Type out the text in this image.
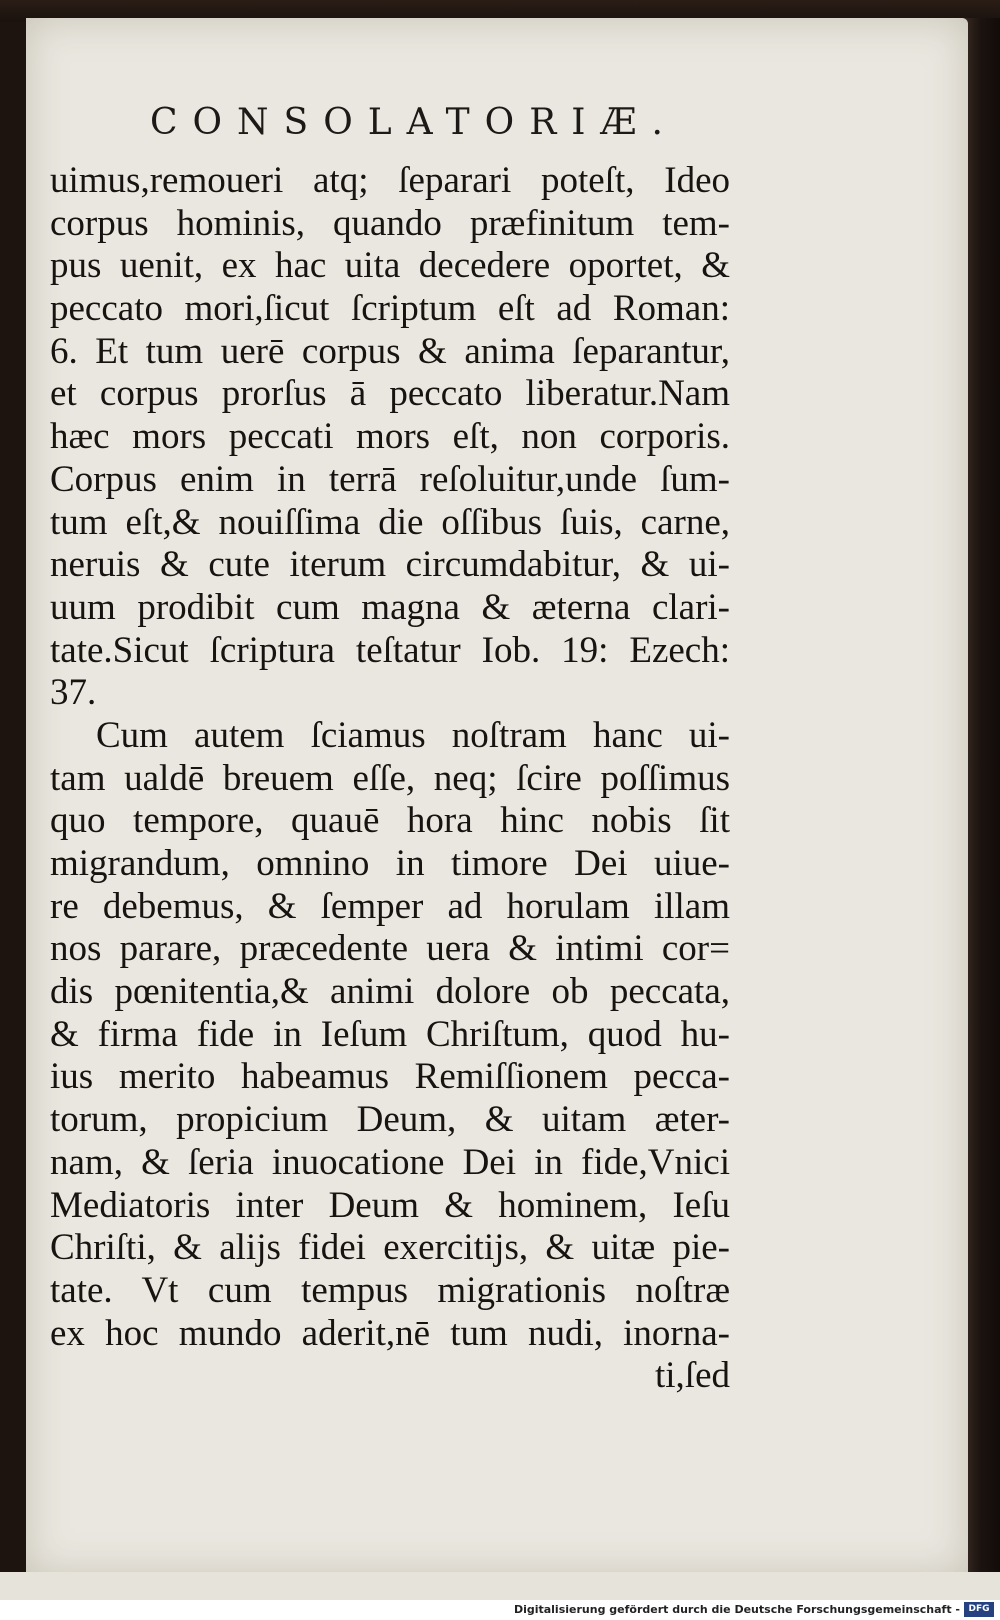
CONSOLATORIÆ.
uimus,remoueri atq; ſeparari poteſt, Ideo
corpus hominis, quando præfinitum tem-
pus uenit, ex hac uita decedere oportet, &
peccato mori,ſicut ſcriptum eſt ad Roman:
6. Et tum uerē corpus & anima ſeparantur,
et corpus prorſus ā peccato liberatur.Nam
hæc mors peccati mors eſt, non corporis.
Corpus enim in terrā reſoluitur,unde ſum-
tum eſt,& nouiſſima die oſſibus ſuis, carne,
neruis & cute iterum circumdabitur, & ui-
uum prodibit cum magna & æterna clari-
tate.Sicut ſcriptura teſtatur Iob. 19: Ezech:
37.
Cum autem ſciamus noſtram hanc ui-
tam ualdē breuem eſſe, neq; ſcire poſſimus
quo tempore, quauē hora hinc nobis ſit
migrandum, omnino in timore Dei uiue-
re debemus, & ſemper ad horulam illam
nos parare, præcedente uera & intimi cor=
dis pœnitentia,& animi dolore ob peccata,
& firma fide in Ieſum Chriſtum, quod hu-
ius merito habeamus Remiſſionem pecca-
torum, propicium Deum, & uitam æter-
nam, & ſeria inuocatione Dei in fide,Vnici
Mediatoris inter Deum & hominem, Ieſu
Chriſti, & alijs fidei exercitijs, & uitæ pie-
tate. Vt cum tempus migrationis noſtræ
ex hoc mundo aderit,nē tum nudi, inorna-
ti,ſed
Digitalisierung gefördert durch die Deutsche Forschungsgemeinschaft - DFG
